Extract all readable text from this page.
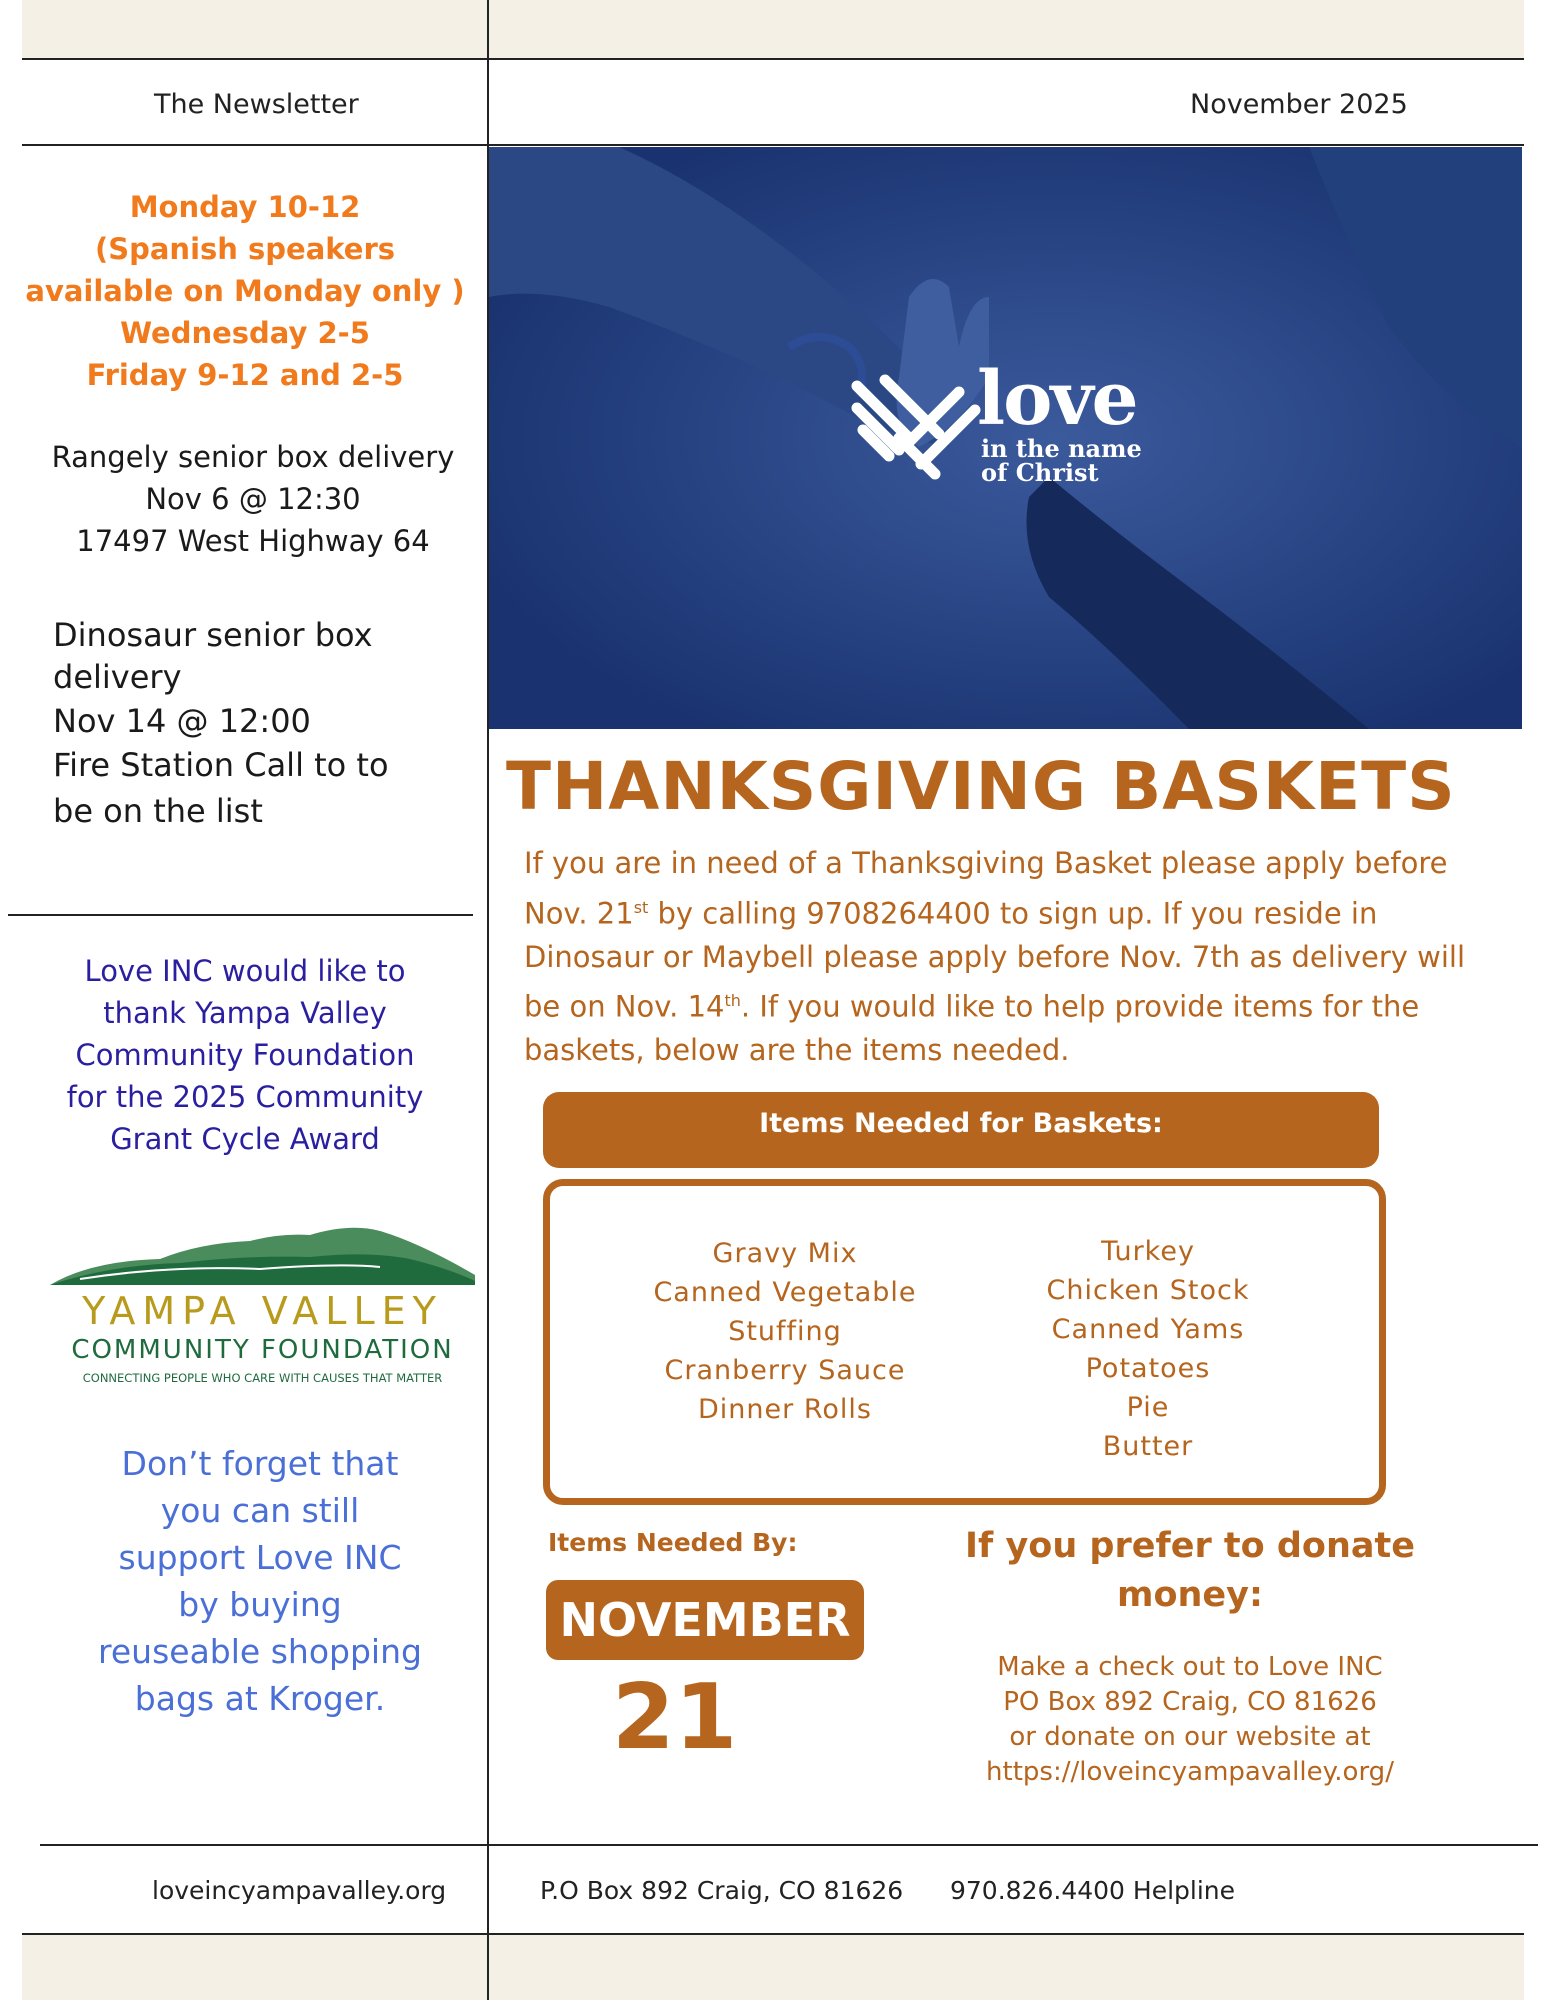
The Newsletter	November 2025
Monday 10-12
(Spanish speakers
available on Monday only )
Wednesday 2-5
Friday 9-12 and 2-5
Rangely senior box delivery
Nov 6 @ 12:30
17497 West Highway 64
Dinosaur senior box
delivery
Nov 14 @ 12:00
Fire Station Call to to
be on the list
Love INC would like to
thank Yampa Valley
Community Foundation
for the 2025 Community
Grant Cycle Award
YAMPA VALLEY
COMMUNITY FOUNDATION
CONNECTING PEOPLE WHO CARE WITH CAUSES THAT MATTER
Don’t forget that
you can still
support Love INC
by buying
reuseable shopping
bags at Kroger.
love
in the name
of Christ
THANKSGIVING BASKETS
If you are in need of a Thanksgiving Basket please apply before Nov. 21st by calling 9708264400 to sign up. If you reside in Dinosaur or Maybell please apply before Nov. 7th as delivery will be on Nov. 14th. If you would like to help provide items for the baskets, below are the items needed.
Items Needed for Baskets:
Gravy Mix
Canned Vegetable
Stuffing
Cranberry Sauce
Dinner Rolls
Turkey
Chicken Stock
Canned Yams
Potatoes
Pie
Butter
Items Needed By:
NOVEMBER
21
If you prefer to donate
money:
Make a check out to Love INC
PO Box 892 Craig, CO 81626
or donate on our website at
https://loveincyampavalley.org/
loveincyampavalley.org	P.O Box 892 Craig, CO 81626 970.826.4400 Helpline
